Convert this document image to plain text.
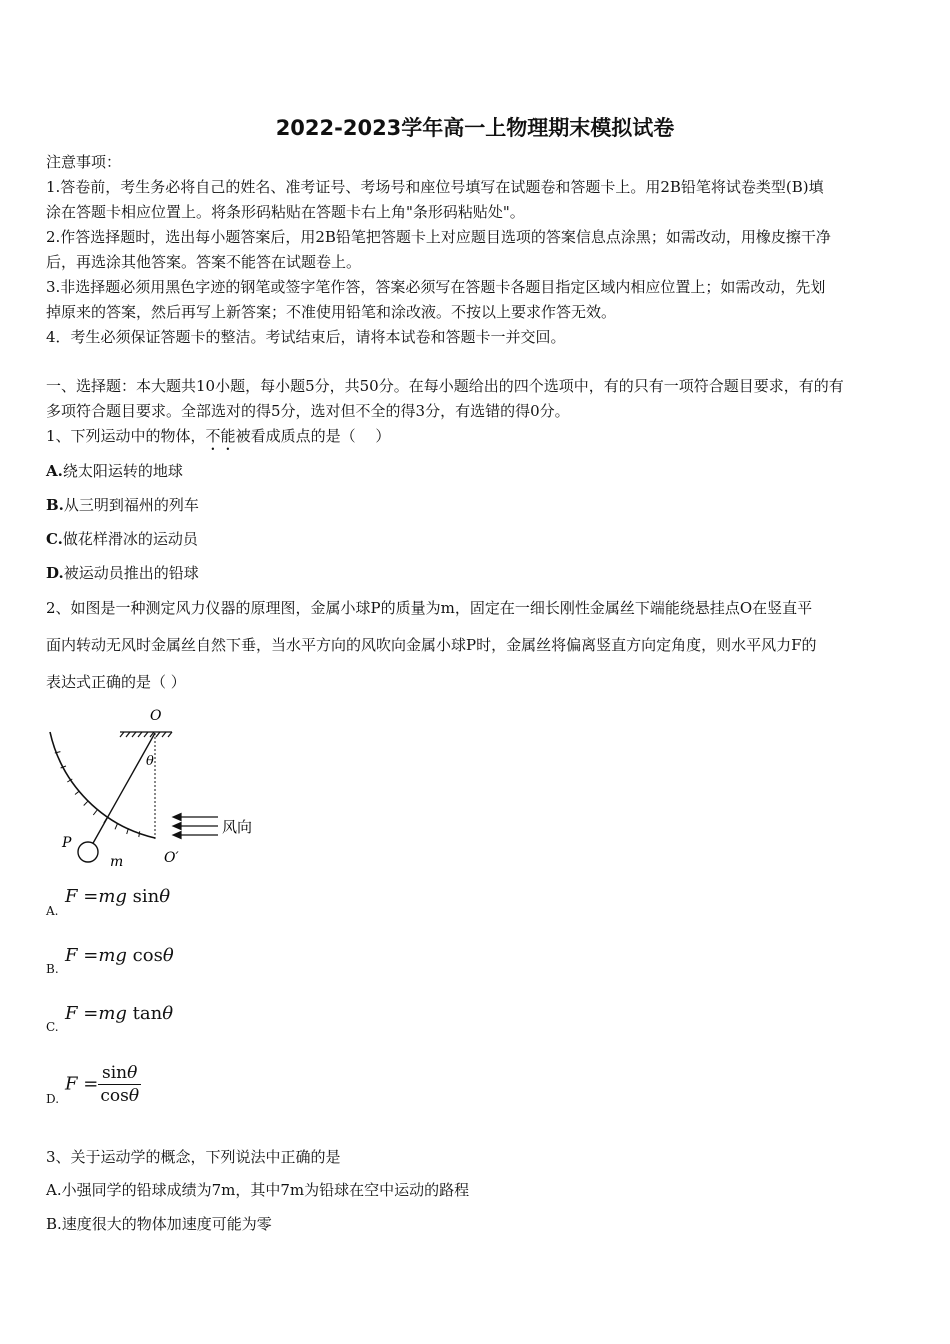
2022-2023学年高一上物理期末模拟试卷
注意事项：
1.答卷前，考生务必将自己的姓名、准考证号、考场号和座位号填写在试题卷和答题卡上。用2B铅笔将试卷类型(B)填
涂在答题卡相应位置上。将条形码粘贴在答题卡右上角"条形码粘贴处"。
2.作答选择题时，选出每小题答案后，用2B铅笔把答题卡上对应题目选项的答案信息点涂黑；如需改动，用橡皮擦干净
后，再选涂其他答案。答案不能答在试题卷上。
3.非选择题必须用黑色字迹的钢笔或签字笔作答，答案必须写在答题卡各题目指定区域内相应位置上；如需改动，先划
掉原来的答案，然后再写上新答案；不准使用铅笔和涂改液。不按以上要求作答无效。
4．考生必须保证答题卡的整洁。考试结束后，请将本试卷和答题卡一并交回。
一、选择题：本大题共10小题，每小题5分，共50分。在每小题给出的四个选项中，有的只有一项符合题目要求，有的有
多项符合题目要求。全部选对的得5分，选对但不全的得3分，有选错的得0分。
1、下列运动中的物体，不能被看成质点的是（　 ）
A.绕太阳运转的地球
B.从三明到福州的列车
C.做花样滑冰的运动员
D.被运动员推出的铅球
2、如图是一种测定风力仪器的原理图，金属小球P的质量为m，固定在一细长刚性金属丝下端能绕悬挂点O在竖直平
面内转动无风时金属丝自然下垂，当水平方向的风吹向金属小球P时，金属丝将偏离竖直方向定角度，则水平风力F的
表达式正确的是（ ）
O
θ
P
m	O′
风向
A.
F =mg sinθ
B.
F =mg cosθ
C.
F =mg tanθ
D.
$F = \frac{\sin\theta}{\cos\theta}$
3、关于运动学的概念，下列说法中正确的是
A.小强同学的铅球成绩为7m，其中7m为铅球在空中运动的路程
B.速度很大的物体加速度可能为零
